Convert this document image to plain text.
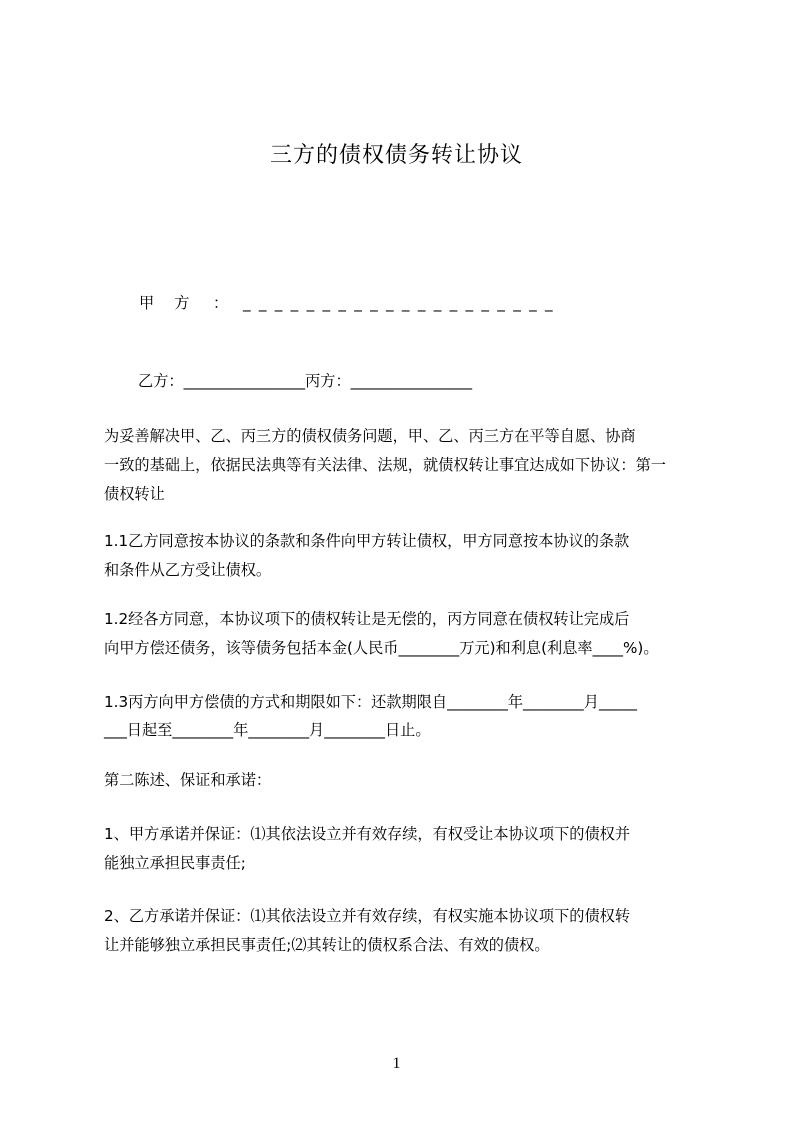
三方的债权债务转让协议
甲方 ： ____________________

乙方：________________丙方：________________

为妥善解决甲、乙、丙三方的债权债务问题，甲、乙、丙三方在平等自愿、协商

一致的基础上，依据民法典等有关法律、法规，就债权转让事宜达成如下协议：第一

债权转让

1.1乙方同意按本协议的条款和条件向甲方转让债权，甲方同意按本协议的条款

和条件从乙方受让债权。

1.2经各方同意，本协议项下的债权转让是无偿的，丙方同意在债权转让完成后

向甲方偿还债务，该等债务包括本金(人民币________万元)和利息(利息率____%)。

1.3丙方向甲方偿债的方式和期限如下：还款期限自________年________月_____

___日起至________年________月________日止。

第二陈述、保证和承诺：

1、甲方承诺并保证：⑴其依法设立并有效存续，有权受让本协议项下的债权并

能独立承担民事责任;

2、乙方承诺并保证：⑴其依法设立并有效存续，有权实施本协议项下的债权转

让并能够独立承担民事责任;⑵其转让的债权系合法、有效的债权。

1
